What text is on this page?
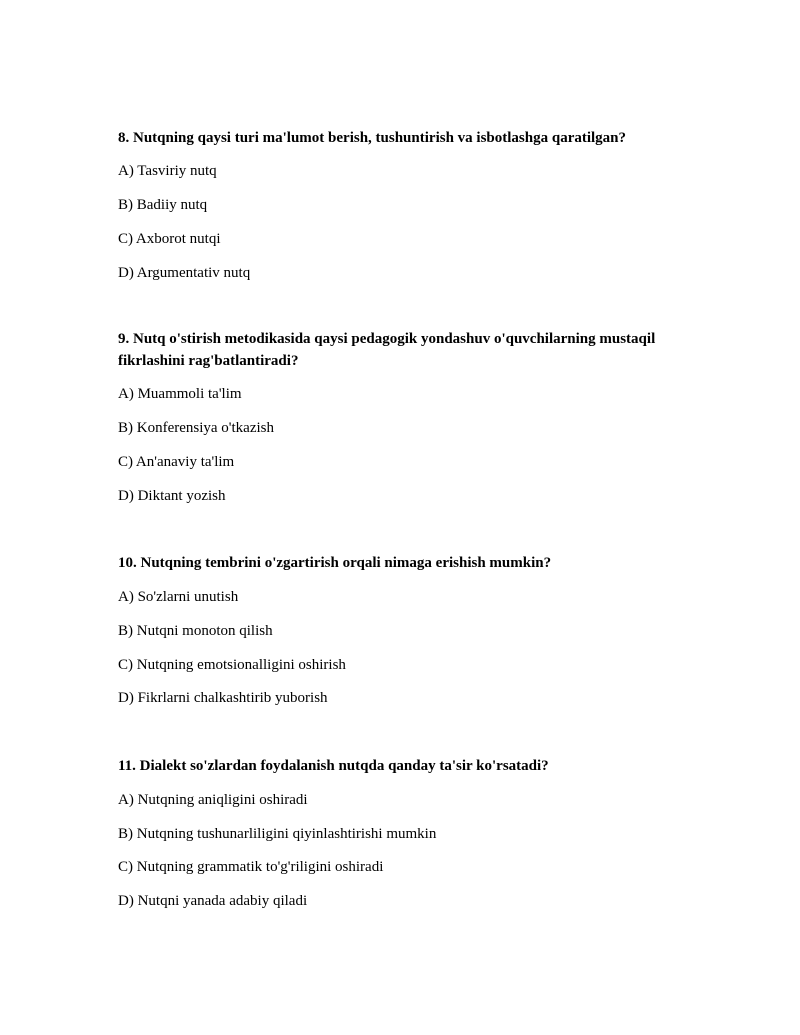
8. Nutqning qaysi turi ma'lumot berish, tushuntirish va isbotlashga qaratilgan?

A) Tasviriy nutq

B) Badiiy nutq

C) Axborot nutqi

D) Argumentativ nutq

9. Nutq o'stirish metodikasida qaysi pedagogik yondashuv o'quvchilarning mustaqil fikrlashini rag'batlantiradi?

A) Muammoli ta'lim

B) Konferensiya o'tkazish

C) An'anaviy ta'lim

D) Diktant yozish

10. Nutqning tembrini o'zgartirish orqali nimaga erishish mumkin?

A) So'zlarni unutish

B) Nutqni monoton qilish

C) Nutqning emotsionalligini oshirish

D) Fikrlarni chalkashtirib yuborish

11. Dialekt so'zlardan foydalanish nutqda qanday ta'sir ko'rsatadi?

A) Nutqning aniqligini oshiradi

B) Nutqning tushunarliligini qiyinlashtirishi mumkin

C) Nutqning grammatik to'g'riligini oshiradi

D) Nutqni yanada adabiy qiladi
